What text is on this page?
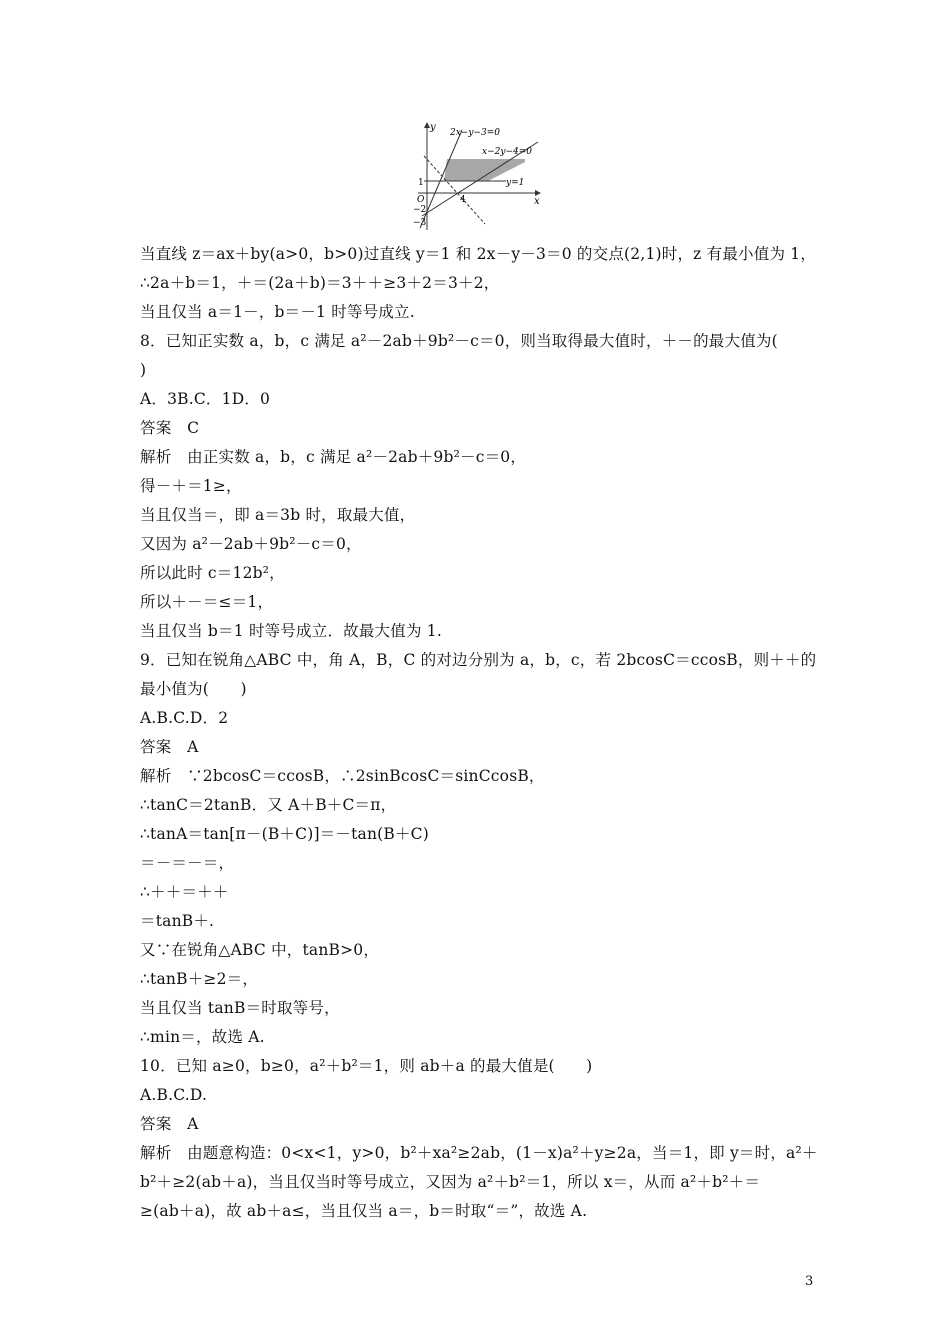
y
x
O
2x−y−3=0
x−2y−4=0
y=1
1
−2
−3
4
当直线 z＝ax＋by(a>0，b>0)过直线 y＝1 和 2x－y－3＝0 的交点(2,1)时，z 有最小值为 1，
∴2a＋b＝1，＋＝(2a＋b)＝3＋＋≥3＋2＝3＋2，
当且仅当 a＝1－，b＝－1 时等号成立.
8．已知正实数 a，b，c 满足 a²－2ab＋9b²－c＝0，则当取得最大值时，＋－的最大值为(
)
A．3B.C．1D．0
答案　C
解析　由正实数 a，b，c 满足 a²－2ab＋9b²－c＝0，
得－＋＝1≥，
当且仅当＝，即 a＝3b 时，取最大值，
又因为 a²－2ab＋9b²－c＝0，
所以此时 c＝12b²，
所以＋－＝≤＝1，
当且仅当 b＝1 时等号成立．故最大值为 1.
9．已知在锐角△ABC 中，角 A，B，C 的对边分别为 a，b，c，若 2bcosC＝ccosB，则＋＋的
最小值为(　　)
A.B.C.D．2
答案　A
解析　∵2bcosC＝ccosB，∴2sinBcosC＝sinCcosB，
∴tanC＝2tanB．又 A＋B＋C＝π，
∴tanA＝tan[π－(B＋C)]＝－tan(B＋C)
＝－＝－＝，
∴＋＋＝＋＋
＝tanB＋.
又∵在锐角△ABC 中，tanB>0，
∴tanB＋≥2＝，
当且仅当 tanB＝时取等号，
∴min＝，故选 A.
10．已知 a≥0，b≥0，a²＋b²＝1，则 ab＋a 的最大值是(　　)
A.B.C.D.
答案　A
解析　由题意构造：0<x<1，y>0，b²＋xa²≥2ab，(1－x)a²＋y≥2a，当＝1，即 y＝时，a²＋
b²＋≥2(ab＋a)，当且仅当时等号成立，又因为 a²＋b²＝1，所以 x＝，从而 a²＋b²＋＝
≥(ab＋a)，故 ab＋a≤，当且仅当 a＝，b＝时取“＝”，故选 A.
3
